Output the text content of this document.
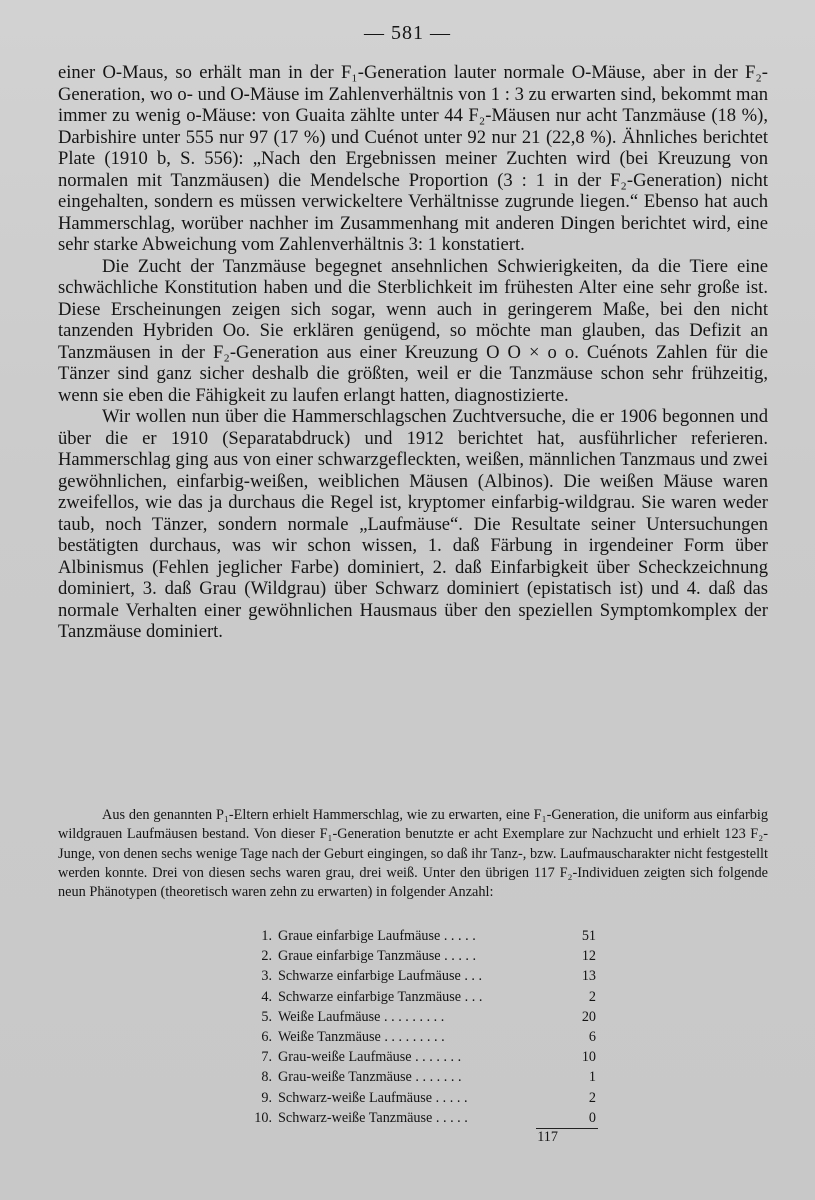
— 581 —

einer O-Maus, so erhält man in der F₁-Generation lauter normale O-Mäuse, aber in der F₂-Generation, wo o- und O-Mäuse im Zahlenverhältnis von 1 : 3 zu erwarten sind, bekommt man immer zu wenig o-Mäuse: von Guaita zählte unter 44 F₂-Mäusen nur acht Tanzmäuse (18 %), Darbishire unter 555 nur 97 (17 %) und Cuénot unter 92 nur 21 (22,8 %). Ähnliches berichtet Plate (1910 b, S. 556): „Nach den Ergebnissen meiner Zuchten wird (bei Kreuzung von normalen mit Tanzmäusen) die Mendelsche Proportion (3 : 1 in der F₂-Generation) nicht eingehalten, sondern es müssen verwickeltere Verhältnisse zugrunde liegen.“ Ebenso hat auch Hammerschlag, worüber nachher im Zusammenhang mit anderen Dingen berichtet wird, eine sehr starke Abweichung vom Zahlenverhältnis 3: 1 konstatiert.

Die Zucht der Tanzmäuse begegnet ansehnlichen Schwierigkeiten, da die Tiere eine schwächliche Konstitution haben und die Sterblichkeit im frühesten Alter eine sehr große ist. Diese Erscheinungen zeigen sich sogar, wenn auch in geringerem Maße, bei den nicht tanzenden Hybriden Oo. Sie erklären genügend, so möchte man glauben, das Defizit an Tanzmäusen in der F₂-Generation aus einer Kreuzung O O × o o. Cuénots Zahlen für die Tänzer sind ganz sicher deshalb die größten, weil er die Tanzmäuse schon sehr frühzeitig, wenn sie eben die Fähigkeit zu laufen erlangt hatten, diagnostizierte.

Wir wollen nun über die Hammerschlagschen Zuchtversuche, die er 1906 begonnen und über die er 1910 (Separatabdruck) und 1912 berichtet hat, ausführlicher referieren. Hammerschlag ging aus von einer schwarzgefleckten, weißen, männlichen Tanzmaus und zwei gewöhnlichen, einfarbig-weißen, weiblichen Mäusen (Albinos). Die weißen Mäuse waren zweifellos, wie das ja durchaus die Regel ist, kryptomer einfarbig-wildgrau. Sie waren weder taub, noch Tänzer, sondern normale „Laufmäuse“. Die Resultate seiner Untersuchungen bestätigten durchaus, was wir schon wissen, 1. daß Färbung in irgendeiner Form über Albinismus (Fehlen jeglicher Farbe) dominiert, 2. daß Einfarbigkeit über Scheckzeichnung dominiert, 3. daß Grau (Wildgrau) über Schwarz dominiert (epistatisch ist) und 4. daß das normale Verhalten einer gewöhnlichen Hausmaus über den speziellen Symptomkomplex der Tanzmäuse dominiert.

Aus den genannten P₁-Eltern erhielt Hammerschlag, wie zu erwarten, eine F₁-Generation, die uniform aus einfarbig wildgrauen Laufmäusen bestand. Von dieser F₁-Generation benutzte er acht Exemplare zur Nachzucht und erhielt 123 F₂-Junge, von denen sechs wenige Tage nach der Geburt eingingen, so daß ihr Tanz-, bzw. Laufmauscharakter nicht festgestellt werden konnte. Drei von diesen sechs waren grau, drei weiß. Unter den übrigen 117 F₂-Individuen zeigten sich folgende neun Phänotypen (theoretisch waren zehn zu erwarten) in folgender Anzahl:

1. Graue einfarbige Laufmäuse . . . . .	51
2. Graue einfarbige Tanzmäuse . . . . .	12
3. Schwarze einfarbige Laufmäuse . . .	13
4. Schwarze einfarbige Tanzmäuse . . .	2
5. Weiße Laufmäuse . . . . . . . . .	20
6. Weiße Tanzmäuse . . . . . . . . .	6
7. Grau-weiße Laufmäuse . . . . . . .	10
8. Grau-weiße Tanzmäuse . . . . . . .	1
9. Schwarz-weiße Laufmäuse . . . . .	2
10. Schwarz-weiße Tanzmäuse . . . . .	0
117
